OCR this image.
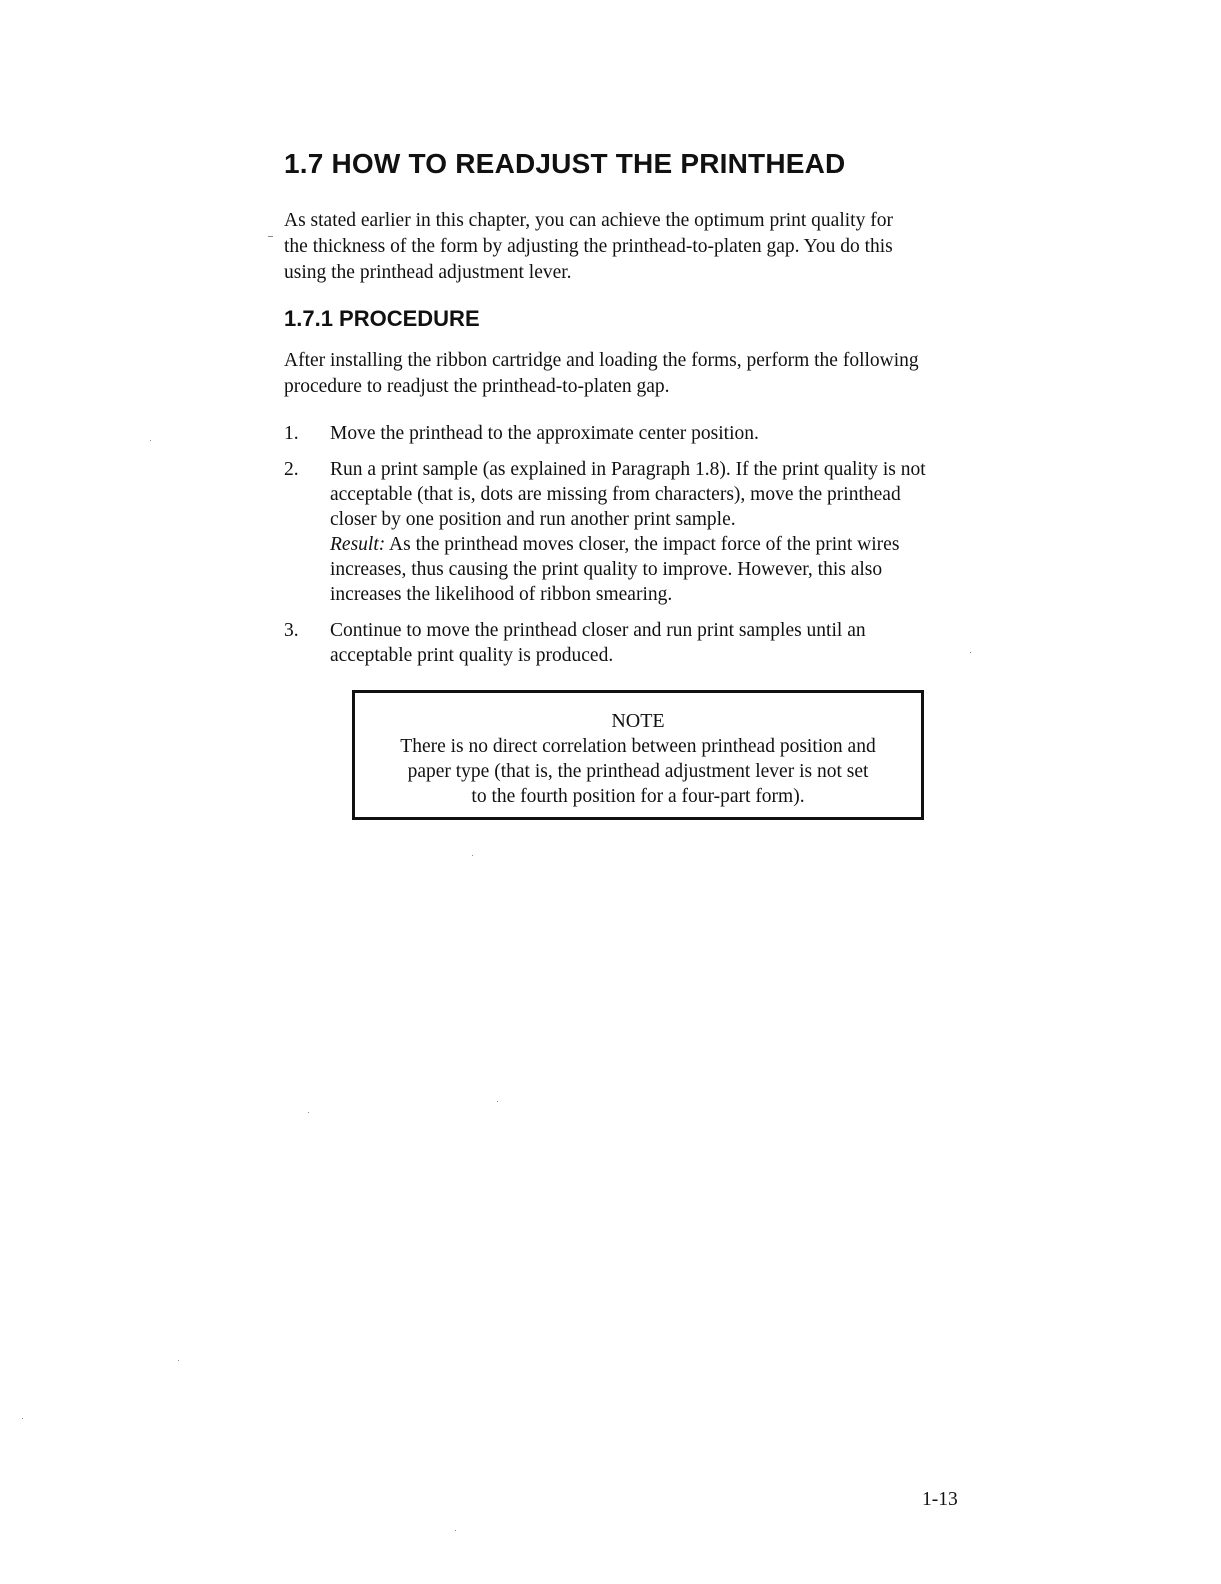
1.7 HOW TO READJUST THE PRINTHEAD

As stated earlier in this chapter, you can achieve the optimum print quality for
the thickness of the form by adjusting the printhead-to-platen gap. You do this
using the printhead adjustment lever.

1.7.1 PROCEDURE

After installing the ribbon cartridge and loading the forms, perform the following
procedure to readjust the printhead-to-platen gap.

1. Move the printhead to the approximate center position.
2. Run a print sample (as explained in Paragraph 1.8). If the print quality is not
acceptable (that is, dots are missing from characters), move the printhead
closer by one position and run another print sample.
Result: As the printhead moves closer, the impact force of the print wires
increases, thus causing the print quality to improve. However, this also
increases the likelihood of ribbon smearing.
3. Continue to move the printhead closer and run print samples until an
acceptable print quality is produced.
NOTE
There is no direct correlation between printhead position and
paper type (that is, the printhead adjustment lever is not set
to the fourth position for a four-part form).
1-13
